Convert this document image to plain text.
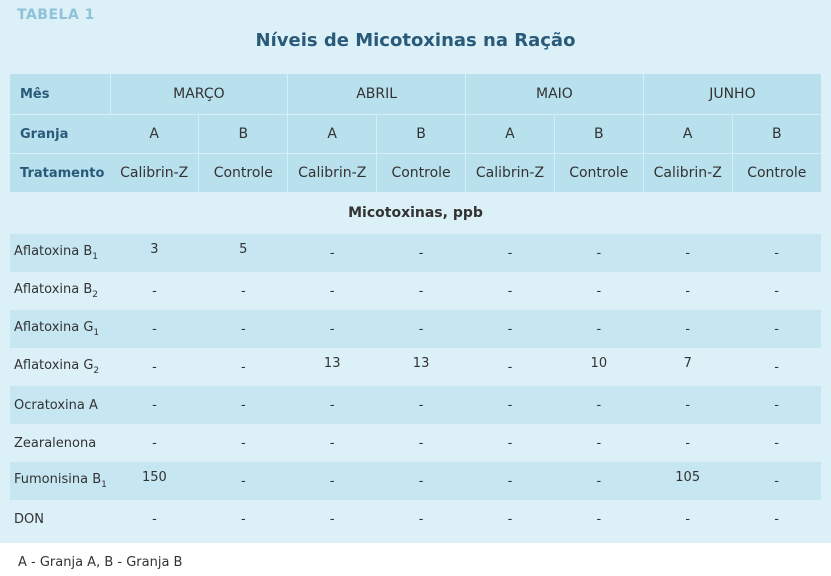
TABELA 1
Níveis de Micotoxinas na Ração
Mês	MARÇO		ABRIL		MAIO		JUNHO	
Granja	A	B	A	B	A	B	A	B
Tratamento	Calibrin-Z	Controle	Calibrin-Z	Controle	Calibrin-Z	Controle	Calibrin-Z	Controle
Micotoxinas, ppb								
Aflatoxina $B_1$	3	5	-	-	-	-	-	-
Aflatoxina $B_2$	-	-	-	-	-	-	-	-
Aflatoxina $G_1$	-	-	-	-	-	-	-	-
Aflatoxina $G_2$	-	-	13	13	-	10	7	-
Ocratoxina A	-	-	-	-	-	-	-	-
Zearalenona	-	-	-	-	-	-	-	-
Fumonisina $B_1$	150	-	-	-	-	-	105	-
DON	-	-	-	-	-	-	-	-
A - Granja A, B - Granja B
